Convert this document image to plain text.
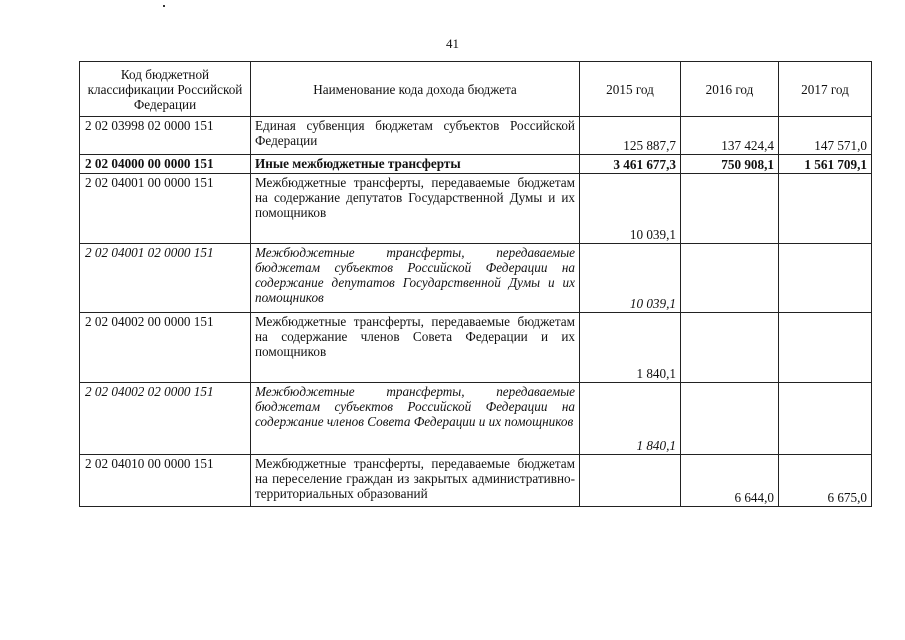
41
Код бюджетной классификации Российской Федерации	Наименование кода дохода бюджета	2015 год	2016 год	2017 год
2 02 03998 02 0000 151	Единая субвенция бюджетам субъектов Российской Федерации	125 887,7	137 424,4	147 571,0
2 02 04000 00 0000 151	Иные межбюджетные трансферты	3 461 677,3	750 908,1	1 561 709,1
2 02 04001 00 0000 151	Межбюджетные трансферты, передаваемые бюджетам на содержание депутатов Государственной Думы и их помощников	10 039,1		
2 02 04001 02 0000 151	Межбюджетные трансферты, передаваемые бюджетам субъектов Российской Федерации на содержание депутатов Государственной Думы и их помощников	10 039,1		
2 02 04002 00 0000 151	Межбюджетные трансферты, передаваемые бюджетам на содержание членов Совета Федерации и их помощников	1 840,1		
2 02 04002 02 0000 151	Межбюджетные трансферты, передаваемые бюджетам субъектов Российской Федерации на содержание членов Совета Федерации и их помощников	1 840,1		
2 02 04010 00 0000 151	Межбюджетные трансферты, передаваемые бюджетам на переселение граждан из закрытых административно-территориальных образований		6 644,0	6 675,0
